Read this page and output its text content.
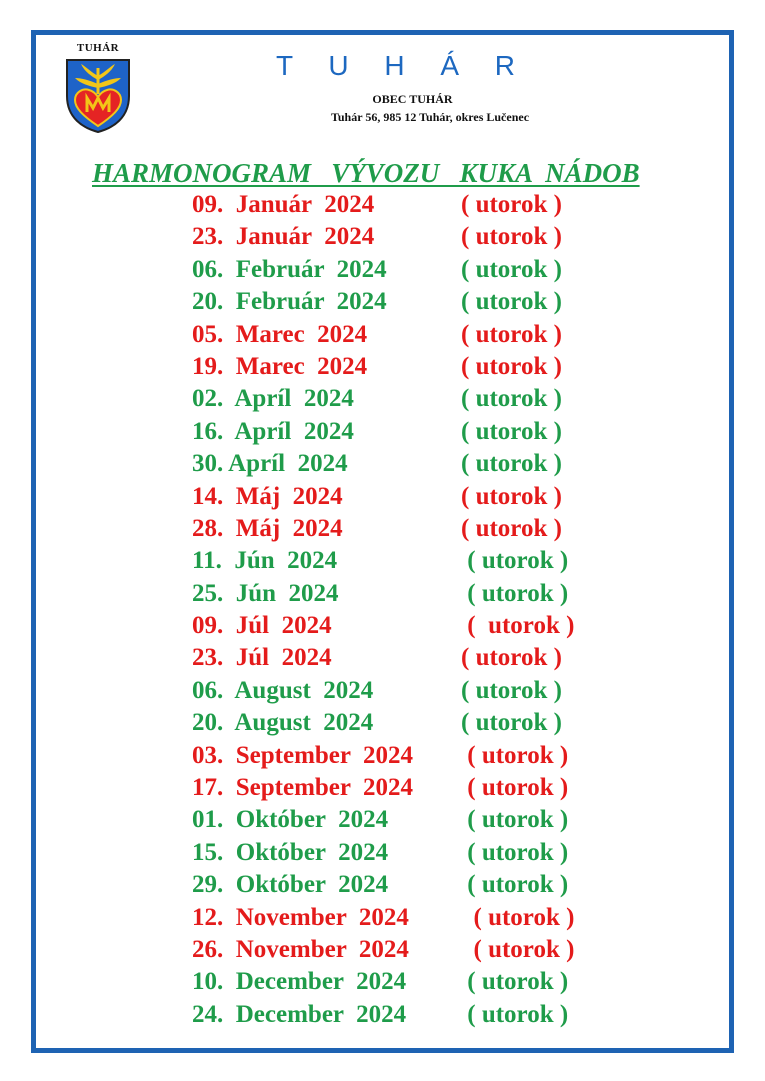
TUHÁR
T U H Á R
OBEC TUHÁR
Tuhár 56, 985 12 Tuhár, okres Lučenec
HARMONOGRAM   VÝVOZU   KUKA  NÁDOB
09.  Január  2024	( utorok )
23.  Január  2024	( utorok )
06.  Február  2024	( utorok )
20.  Február  2024	( utorok )
05.  Marec  2024	( utorok )
19.  Marec  2024	( utorok )
02.  Apríl  2024	( utorok )
16.  Apríl  2024	( utorok )
30. Apríl  2024	( utorok )
14.  Máj  2024	( utorok )
28.  Máj  2024	( utorok )
11.  Jún  2024	( utorok )
25.  Jún  2024	( utorok )
09.  Júl  2024	(  utorok )
23.  Júl  2024	( utorok )
06.  August  2024	( utorok )
20.  August  2024	( utorok )
03.  September  2024 ( utorok )
17.  September  2024 ( utorok )
01.  Október  2024	( utorok )
15.  Október  2024	( utorok )
29.  Október  2024	( utorok )
12.  November  2024 ( utorok )
26.  November  2024 ( utorok )
10.  December  2024 ( utorok )
24.  December  2024 ( utorok )
